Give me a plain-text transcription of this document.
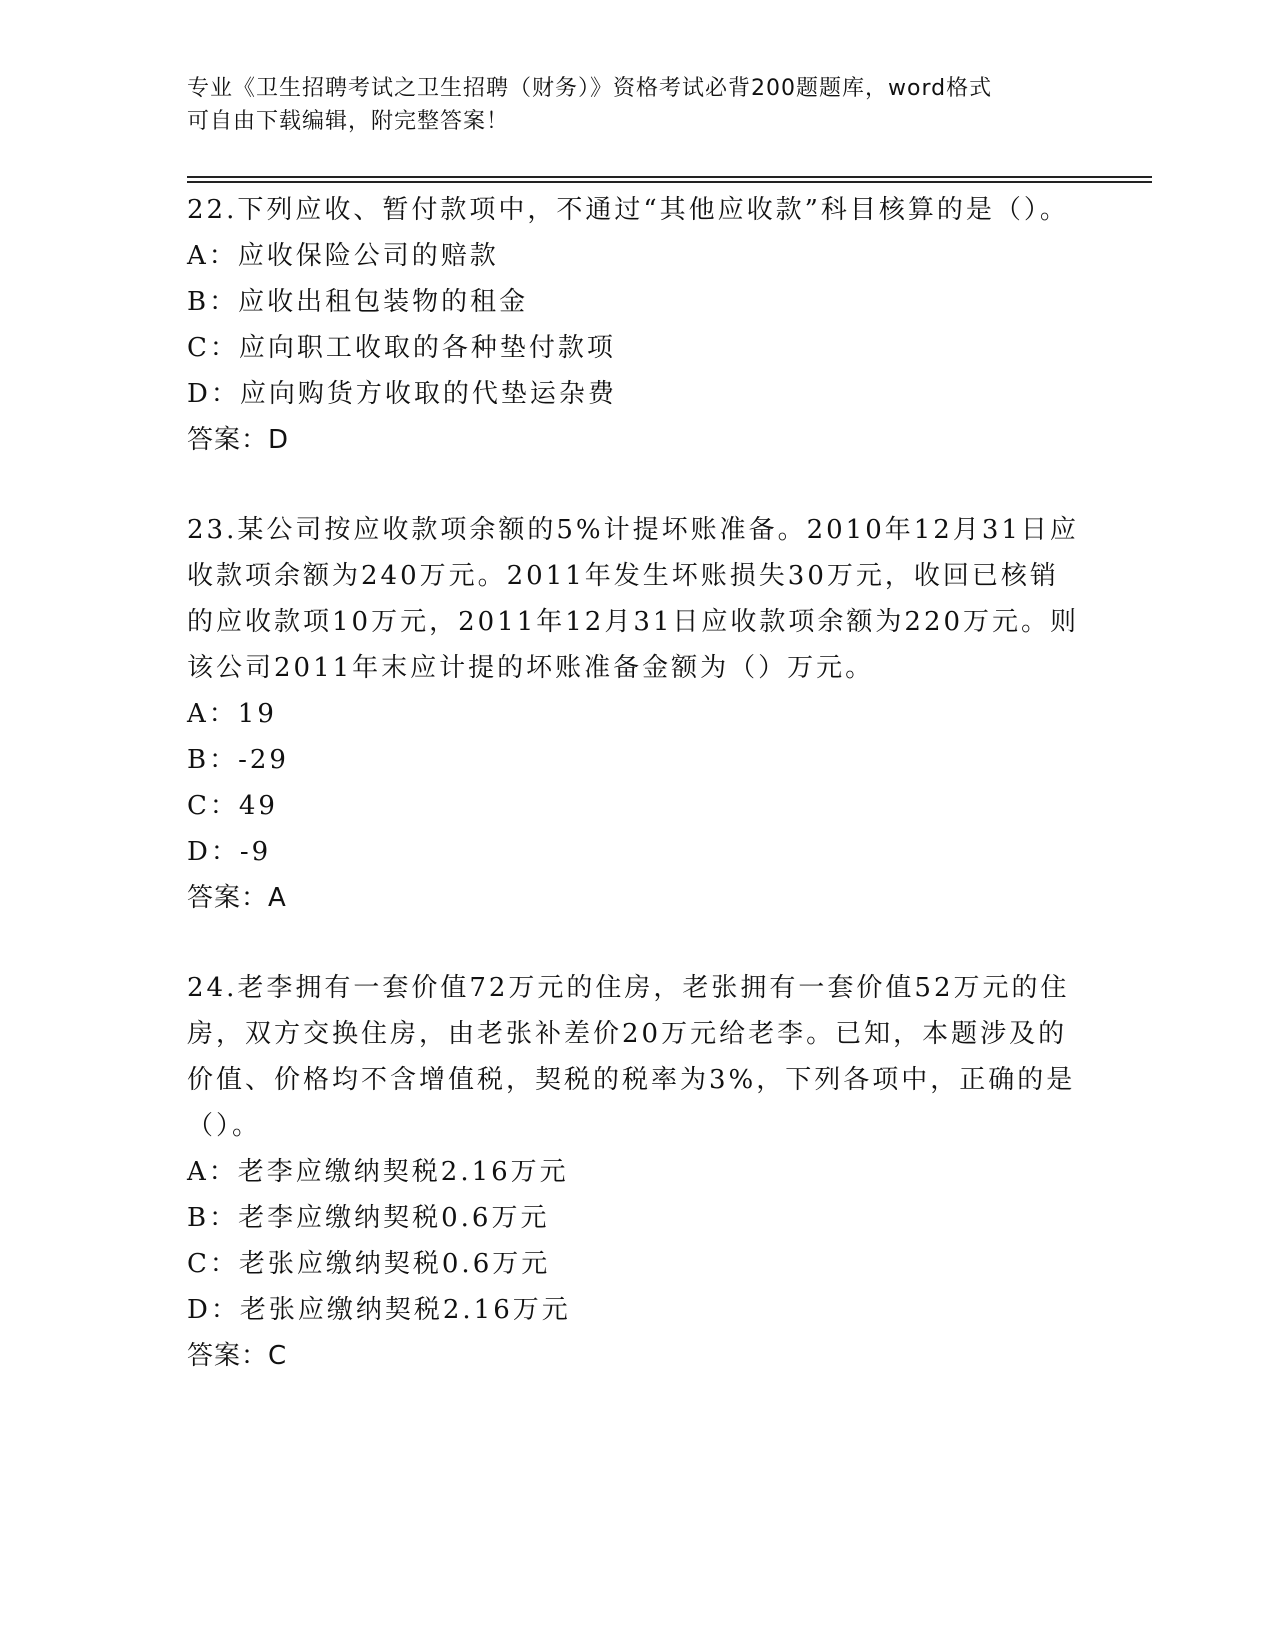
专业《卫生招聘考试之卫生招聘（财务）》资格考试必背200题题库，word格式

可自由下载编辑，附完整答案！

22.下列应收、暂付款项中，不通过“其他应收款”科目核算的是（）。

A：应收保险公司的赔款

B：应收出租包装物的租金

C：应向职工收取的各种垫付款项

D：应向购货方收取的代垫运杂费

答案：D

23.某公司按应收款项余额的5%计提坏账准备。2010年12月31日应收款项余额为240万元。2011年发生坏账损失30万元，收回已核销的应收款项10万元，2011年12月31日应收款项余额为220万元。则该公司2011年末应计提的坏账准备金额为（）万元。

A：19

B：-29

C：49

D：-9

答案：A

24.老李拥有一套价值72万元的住房，老张拥有一套价值52万元的住房，双方交换住房，由老张补差价20万元给老李。已知，本题涉及的价值、价格均不含增值税，契税的税率为3%，下列各项中，正确的是（）。

A：老李应缴纳契税2.16万元

B：老李应缴纳契税0.6万元

C：老张应缴纳契税0.6万元

D：老张应缴纳契税2.16万元

答案：C
